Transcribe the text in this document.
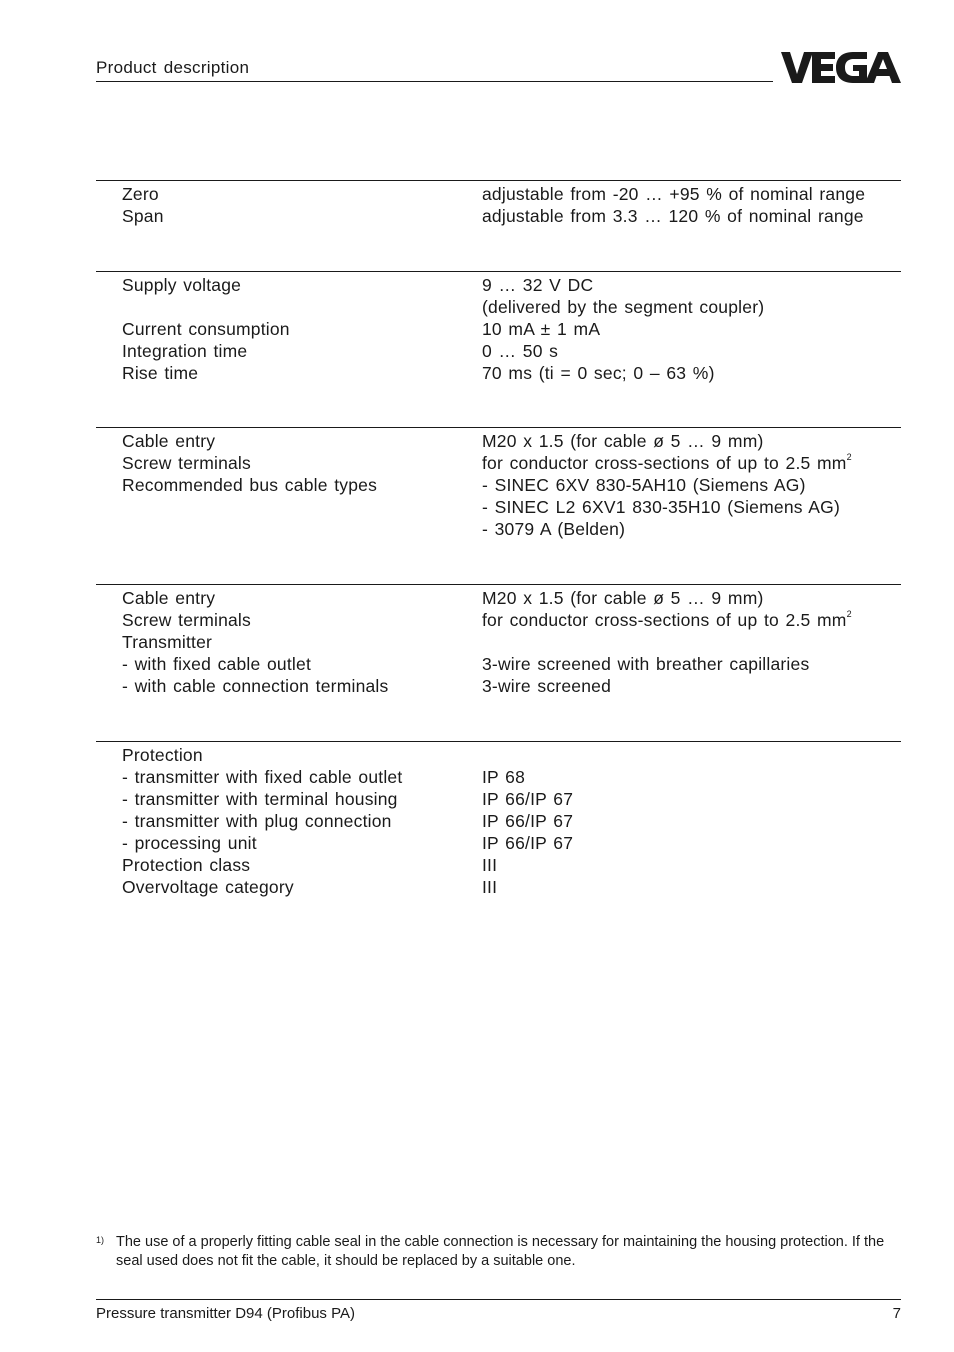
Product description
Zero	adjustable from -20 … +95 % of nominal range
Span	adjustable from 3.3 … 120 % of nominal range
Supply voltage	9 … 32 V DC
(delivered by the segment coupler)
Current consumption	10 mA ± 1 mA
Integration time	0 … 50 s
Rise time	70 ms (ti = 0 sec; 0 – 63 %)
Cable entry	M20 x 1.5 (for cable ø 5 … 9 mm)
Screw terminals	for conductor cross-sections of up to 2.5 $mm^2$
Recommended bus cable types	- SINEC 6XV 830-5AH10 (Siemens AG)
- SINEC L2 6XV1 830-35H10 (Siemens AG)
- 3079 A (Belden)
Cable entry	M20 x 1.5 (for cable ø 5 … 9 mm)
Screw terminals	for conductor cross-sections of up to 2.5 $mm^2$
Transmitter
- with fixed cable outlet	3-wire screened with breather capillaries
- with cable connection terminals	3-wire screened
Protection
- transmitter with fixed cable outlet	IP 68
- transmitter with terminal housing	IP 66/IP 67
- transmitter with plug connection	IP 66/IP 67
- processing unit	IP 66/IP 67
Protection class	III
Overvoltage category	III
1) The use of a properly fitting cable seal in the cable connection is necessary for maintaining the housing protection. If the seal used does not fit the cable, it should be replaced by a suitable one.
Pressure transmitter D94 (Profibus PA)	7
